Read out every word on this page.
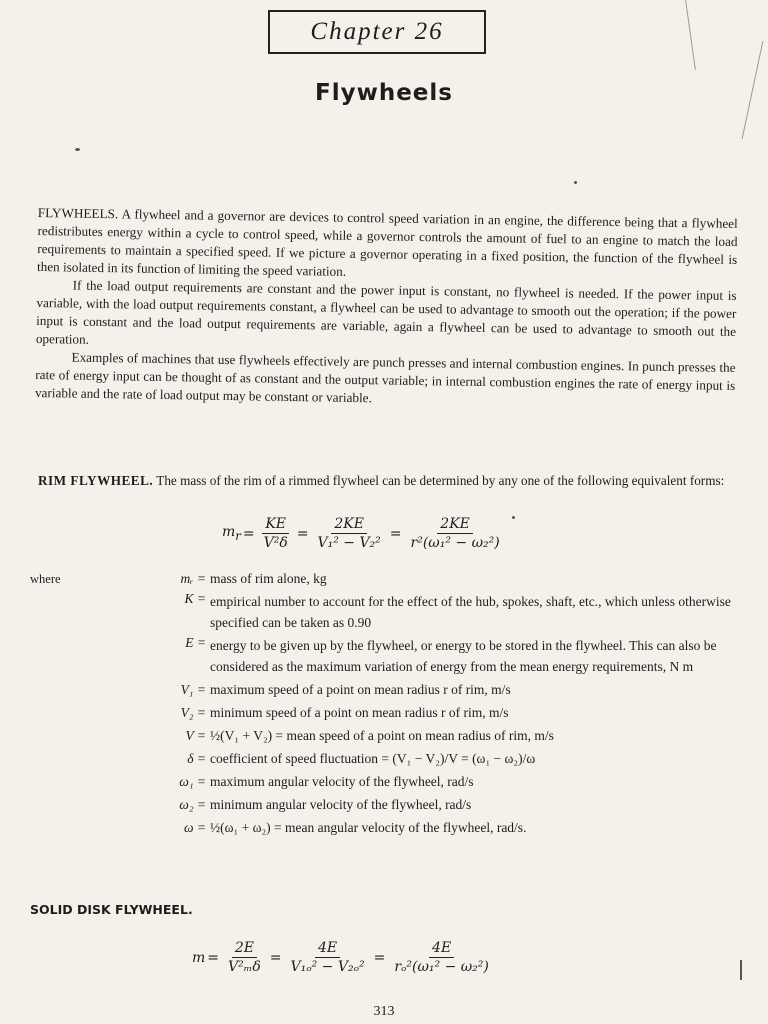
Chapter 26
Flywheels

FLYWHEELS. A flywheel and a governor are devices to control speed variation in an engine, the difference being that a flywheel redistributes energy within a cycle to control speed, while a governor controls the amount of fuel to an engine to match the load requirements to maintain a specified speed. If we picture a governor operating in a fixed position, the function of the flywheel is then isolated in its function of limiting the speed variation.

If the load output requirements are constant and the power input is constant, no flywheel is needed. If the power input is variable, with the load output requirements constant, a flywheel can be used to advantage to smooth out the operation; if the power input is constant and the load output requirements are variable, again a flywheel can be used to advantage to smooth out the operation.

Examples of machines that use flywheels effectively are punch presses and internal combustion engines. In punch presses the rate of energy input can be thought of as constant and the output variable; in internal combustion engines the rate of energy input is variable and the rate of load output may be constant or variable.

RIM FLYWHEEL. The mass of the rim of a rimmed flywheel can be determined by any one of the following equivalent forms:

$m_r = \frac{KE}{\text{V²δ}} = \frac{2KE}{\text{V₁² − V₂²}} = \frac{2KE}{\text{r²(ω₁² − ω₂²)}}$
where	mᵣ = mass of rim alone, kg
K = empirical number to account for the effect of the hub, spokes, shaft, etc., which unless otherwise specified can be taken as 0.90
E = energy to be given up by the flywheel, or energy to be stored in the flywheel. This can also be considered as the maximum variation of energy from the mean energy requirements, N m
V₁ = maximum speed of a point on mean radius r of rim, m/s
V₂ = minimum speed of a point on mean radius r of rim, m/s
V = ½(V₁ + V₂) = mean speed of a point on mean radius of rim, m/s
δ = coefficient of speed fluctuation = (V₁ − V₂)/V = (ω₁ − ω₂)/ω
ω₁ = maximum angular velocity of the flywheel, rad/s
ω₂ = minimum angular velocity of the flywheel, rad/s
ω = ½(ω₁ + ω₂) = mean angular velocity of the flywheel, rad/s.
SOLID DISK FLYWHEEL.
$m = \frac{2E}{\text{V²ₘδ}} = \frac{4E}{\text{V₁ₒ² − V₂ₒ²}} = \frac{4E}{\text{rₒ²(ω₁² − ω₂²)}}$
313
